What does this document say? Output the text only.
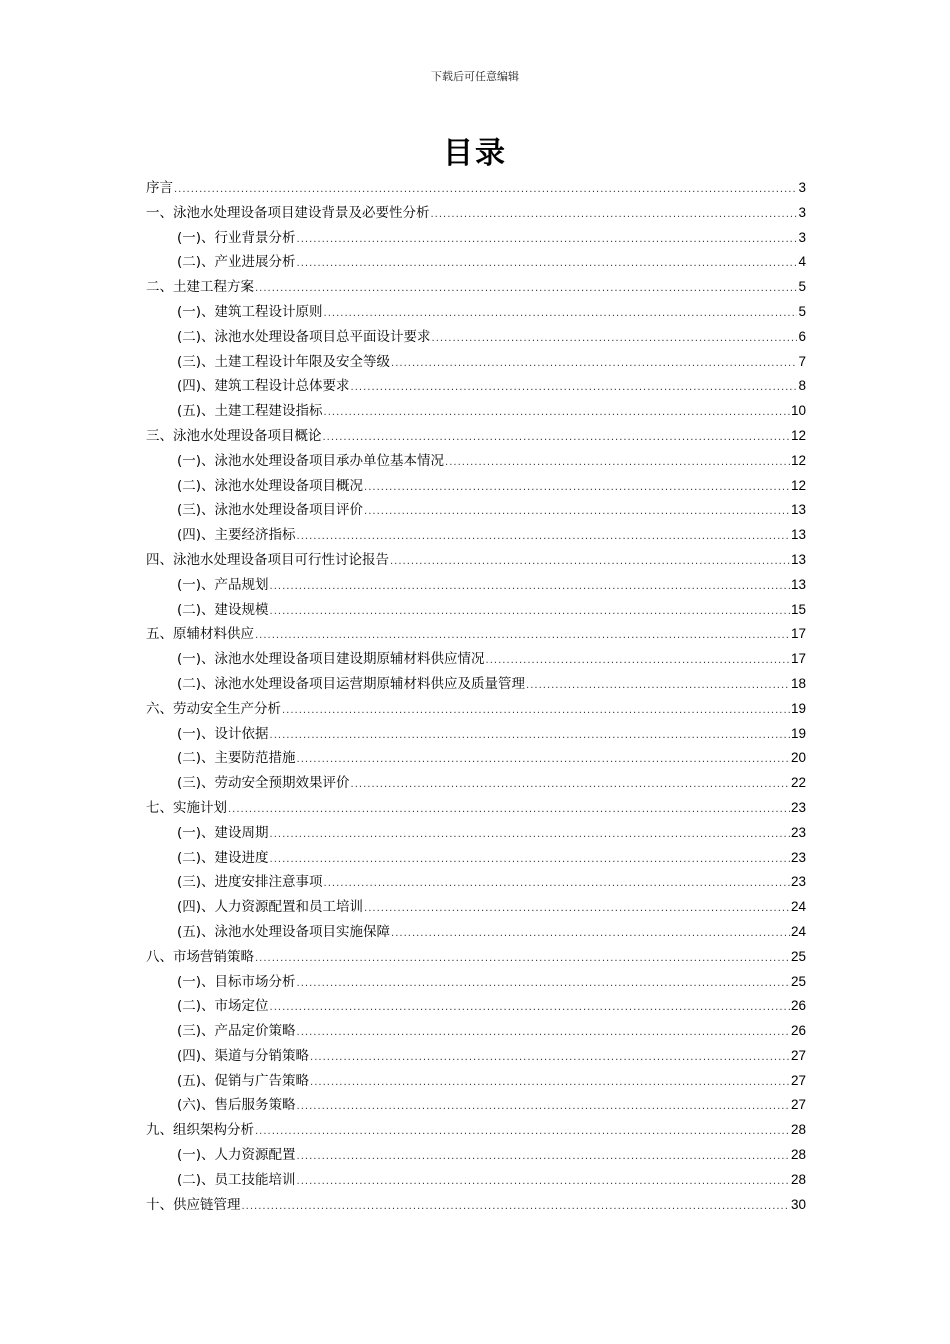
下载后可任意编辑
目录
序言 .....	3
一、泳池水处理设备项目建设背景及必要性分析 .....	3
(一)、行业背景分析 .....	3
(二)、产业进展分析 .....	4
二、土建工程方案 .....	5
(一)、建筑工程设计原则 .....	5
(二)、泳池水处理设备项目总平面设计要求 .....	6
(三)、土建工程设计年限及安全等级 .....	7
(四)、建筑工程设计总体要求 .....	8
(五)、土建工程建设指标 .....	10
三、泳池水处理设备项目概论 .....	12
(一)、泳池水处理设备项目承办单位基本情况 .....	12
(二)、泳池水处理设备项目概况 .....	12
(三)、泳池水处理设备项目评价 .....	13
(四)、主要经济指标 .....	13
四、泳池水处理设备项目可行性讨论报告 .....	13
(一)、产品规划 .....	13
(二)、建设规模 .....	15
五、原辅材料供应 .....	17
(一)、泳池水处理设备项目建设期原辅材料供应情况 .....	17
(二)、泳池水处理设备项目运营期原辅材料供应及质量管理 .....	18
六、劳动安全生产分析 .....	19
(一)、设计依据 .....	19
(二)、主要防范措施 .....	20
(三)、劳动安全预期效果评价 .....	22
七、实施计划 .....	23
(一)、建设周期 .....	23
(二)、建设进度 .....	23
(三)、进度安排注意事项 .....	23
(四)、人力资源配置和员工培训 .....	24
(五)、泳池水处理设备项目实施保障 .....	24
八、市场营销策略 .....	25
(一)、目标市场分析 .....	25
(二)、市场定位 .....	26
(三)、产品定价策略 .....	26
(四)、渠道与分销策略 .....	27
(五)、促销与广告策略 .....	27
(六)、售后服务策略 .....	27
九、组织架构分析 .....	28
(一)、人力资源配置 .....	28
(二)、员工技能培训 .....	28
十、供应链管理 .....	30
